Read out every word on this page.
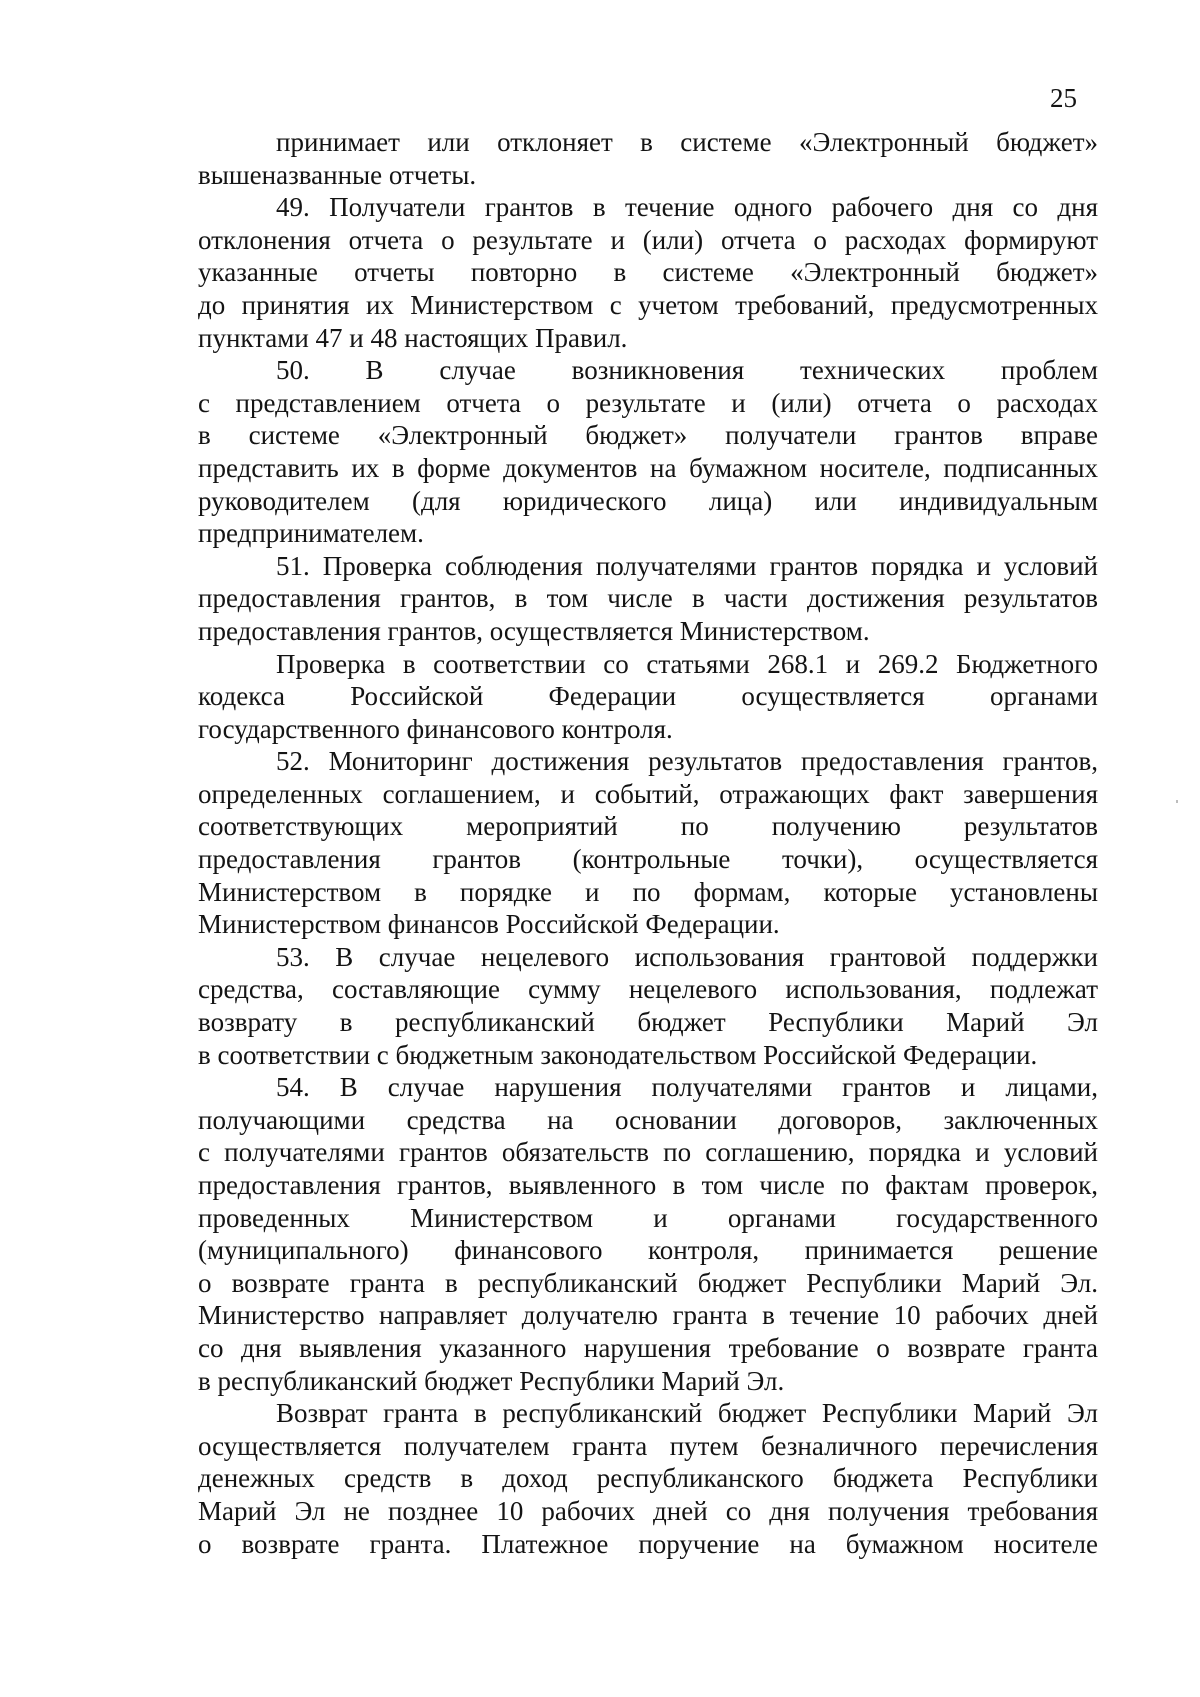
25
принимает или отклоняет в системе «Электронный бюджет»
вышеназванные отчеты.
49. Получатели грантов в течение одного рабочего дня со дня
отклонения отчета о результате и (или) отчета о расходах формируют
указанные отчеты повторно в системе «Электронный бюджет»
до принятия их Министерством с учетом требований, предусмотренных
пунктами 47 и 48 настоящих Правил.
50. В случае возникновения технических проблем
с представлением отчета о результате и (или) отчета о расходах
в системе «Электронный бюджет» получатели грантов вправе
представить их в форме документов на бумажном носителе, подписанных
руководителем (для юридического лица) или индивидуальным
предпринимателем.
51. Проверка соблюдения получателями грантов порядка и условий
предоставления грантов, в том числе в части достижения результатов
предоставления грантов, осуществляется Министерством.
Проверка в соответствии со статьями 268.1 и 269.2 Бюджетного
кодекса Российской Федерации осуществляется органами
государственного финансового контроля.
52. Мониторинг достижения результатов предоставления грантов,
определенных соглашением, и событий, отражающих факт завершения
соответствующих мероприятий по получению результатов
предоставления грантов (контрольные точки), осуществляется
Министерством в порядке и по формам, которые установлены
Министерством финансов Российской Федерации.
53. В случае нецелевого использования грантовой поддержки
средства, составляющие сумму нецелевого использования, подлежат
возврату в республиканский бюджет Республики Марий Эл
в соответствии с бюджетным законодательством Российской Федерации.
54. В случае нарушения получателями грантов и лицами,
получающими средства на основании договоров, заключенных
с получателями грантов обязательств по соглашению, порядка и условий
предоставления грантов, выявленного в том числе по фактам проверок,
проведенных Министерством и органами государственного
(муниципального) финансового контроля, принимается решение
о возврате гранта в республиканский бюджет Республики Марий Эл.
Министерство направляет долучателю гранта в течение 10 рабочих дней
со дня выявления указанного нарушения требование о возврате гранта
в республиканский бюджет Республики Марий Эл.
Возврат гранта в республиканский бюджет Республики Марий Эл
осуществляется получателем гранта путем безналичного перечисления
денежных средств в доход республиканского бюджета Республики
Марий Эл не позднее 10 рабочих дней со дня получения требования
о возврате гранта. Платежное поручение на бумажном носителе
